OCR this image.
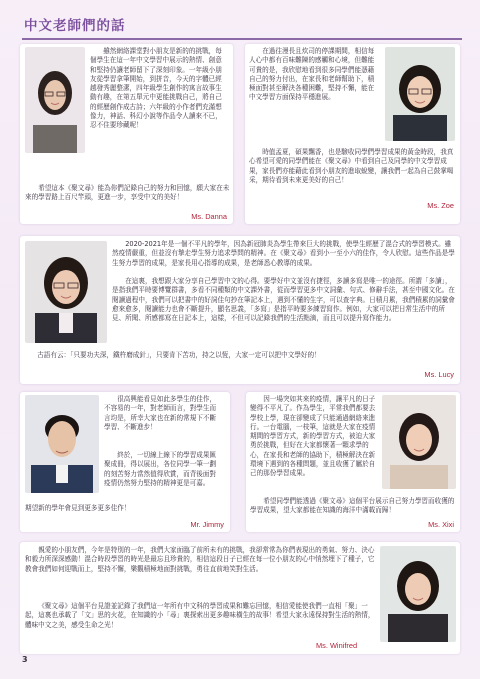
中文老師們的話
雖然網絡課堂對小朋友是新的的挑戰，每個學生在這一年中文學習中展示的熱情、創意和堅持仍讓老師留下了深刻印象。一年級小朋友從學習拿筆開始，到拼音，今天的字體已經越發秀麗整潔，四年級學生創作的寓言故事生動有趣，在第五單元中更能挑戰自己，將自己的經歷創作成古詩；六年級的小作者們充滿想像力，神話、科幻小說等作品令人讀來不已，忍不住要珍藏呢！
希望這本《聚文尋》能為你們記錄自己的努力和回憶，願大家在未來的學習路上百尺竿頭，更進一步，享受中文的美好！
Ms. Danna
在過往漫長且炊司的停課期間，相信每人心中都有百味難陳的感觸和心境，但難能可貴的是，我欣慰地看到很多同學們能憑藉自己的努力付出，在家長和老師幫助下，積極面對甚至解決各種困難，堅持不懈，能在中文學習方面保持平穩進展。
時值孟夏，碩果飄香，也是驗收同學們學習成果的黃金時段，我真心希望可愛的同學們能在《聚文尋》中看到自己及同學的中文學習成果，家長們亦能藉此看到小朋友的進取蛻變，讓我們一起為自己鼓掌喝采，期待看到未來更美好的自己！
Ms. Zoe
2020-2021年是一個不平凡的學年，因為新冠肺炎為學生帶來巨大的挑戰，使學生經歷了混合式的學習模式。雖然疫情嚴重，但並沒有摯走學生努力追求學問的精神。在《聚文尋》看到小一至小六的佳作，令人欣慰。這些作品是學生努力學習的成果，是家長用心指導的成果，是老師悉心教導的成果。
在這裏，我想跟大家分享自己學習中文的心得。要學好中文並沒有捷徑，多讀多寫是唯一的途徑。所謂「多讀」，是指我們平時要博覽群書，多看不同種類的中文課外書，從而學習更多中文詞彙、句式、修辭手法，甚至中國文化。在閱讀過程中，我們可以把書中的好詞佳句抄在筆記本上，遇到不懂的生字，可以查字典。日積月累，我們積累的詞彙會愈來愈多，閱讀能力也會不斷提升，顯名思義，「多寫」是指平時要多練習寫作。例如，大家可以把日常生活中的所見、所聞、所感都寫在日記本上，這樣，不但可以記錄我們的生活點滴，而且可以提升寫作能力。
古語有云：「只要功夫深，鐵杵磨成針」，只要肯下苦功，持之以恆，大家一定可以把中文學好的！
Ms. Lucy
很高興能看見如此多學生的佳作，不容易的一年，對老師而言，對學生而言均是，所幸大家也在新的常規下不斷學習、不斷進步！
終於，一切線上線下的學習成果匯聚成冊，得以展出，各位同學一筆一劃的刻苦努力當然值得欣賞，而背後面對疫情仍然努力堅持的精神更是可嘉。
期望新的學年會見到更多更多佳作！
Mr. Jimmy
因一場突如其來的疫情，讓平凡的日子變得不平凡了。作為學生，平常我們都要去學校上學，現在卻變成了只能通過網絡來進行。一台電腦，一枝筆，這就是大家在疫情期間的學習方式，新的學習方式，被迫大家勇於挑戰，但好在大家都懷著一顆求學的心，在家長和老師的協助下，積極解決在新環境下遇到的各種問題，並且收獲了屬於自己的那份學習成果。
希望同學們能透過《聚文尋》這個平台展示自己努力學習而收獲的學習成果，望大家都能在知識的海洋中滿載而歸！
Ms. Xixi
親愛的小朋友們，今年是特別的一年，我們大家面臨了前所未有的挑戰，我卻常常為你們表現出的勇氣、努力、決心和毅力所深深感動！混合時段學習的時光是最忘且珍貴的，相信這段日子已經在每一位小朋友的心中悄然埋下了種子，它教會我們如何迎戰而上，堅持不懈，樂觀積極地面對挑戰，勇往直前地笑對生活。
《聚文尋》這個平台見證並記錄了我們這一年所有中文科的學習成果和難忘回憶，相信愛能使我們一直相「聚」一起，這裏也承載了「文」思的火花，在知識的小「尋」裏探索出更多趣味橫生的故事！希望大家永遠保持對生活的熱情，體味中文之美，感受生命之光！
Ms. Winifred
3
